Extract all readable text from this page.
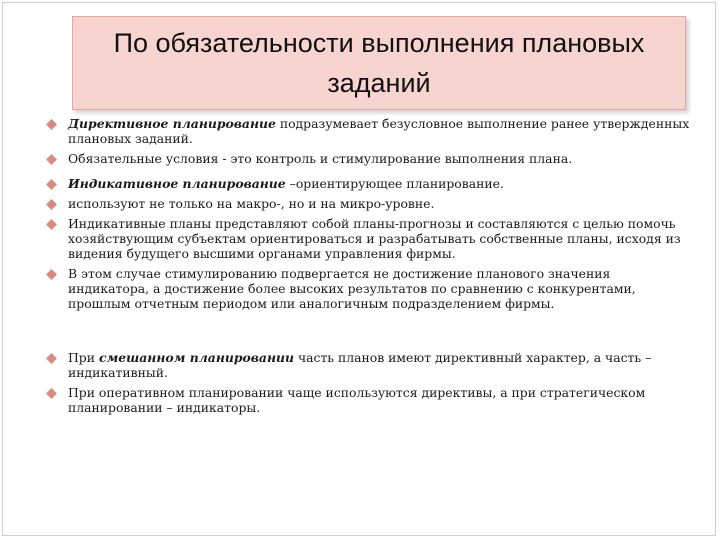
По обязательности выполнения плановых заданий
Директивное планирование подразумевает безусловное выполнение ранее утвержденных плановых заданий.
Обязательные условия - это контроль и стимулирование выполнения плана.
Индикативное планирование –ориентирующее планирование.
используют не только на макро-, но и на микро-уровне.
Индикативные планы представляют собой планы-прогнозы и составляются с целью помочь хозяйствующим субъектам ориентироваться и разрабатывать собственные планы, исходя из видения будущего высшими органами управления фирмы.
В этом случае стимулированию подвергается не достижение планового значения индикатора, а достижение более высоких результатов по сравнению с конкурентами, прошлым отчетным периодом или аналогичным подразделением фирмы.
При смешанном планировании часть планов имеют директивный характер, а часть – индикативный.
При оперативном планировании чаще используются директивы, а при стратегическом планировании – индикаторы.
